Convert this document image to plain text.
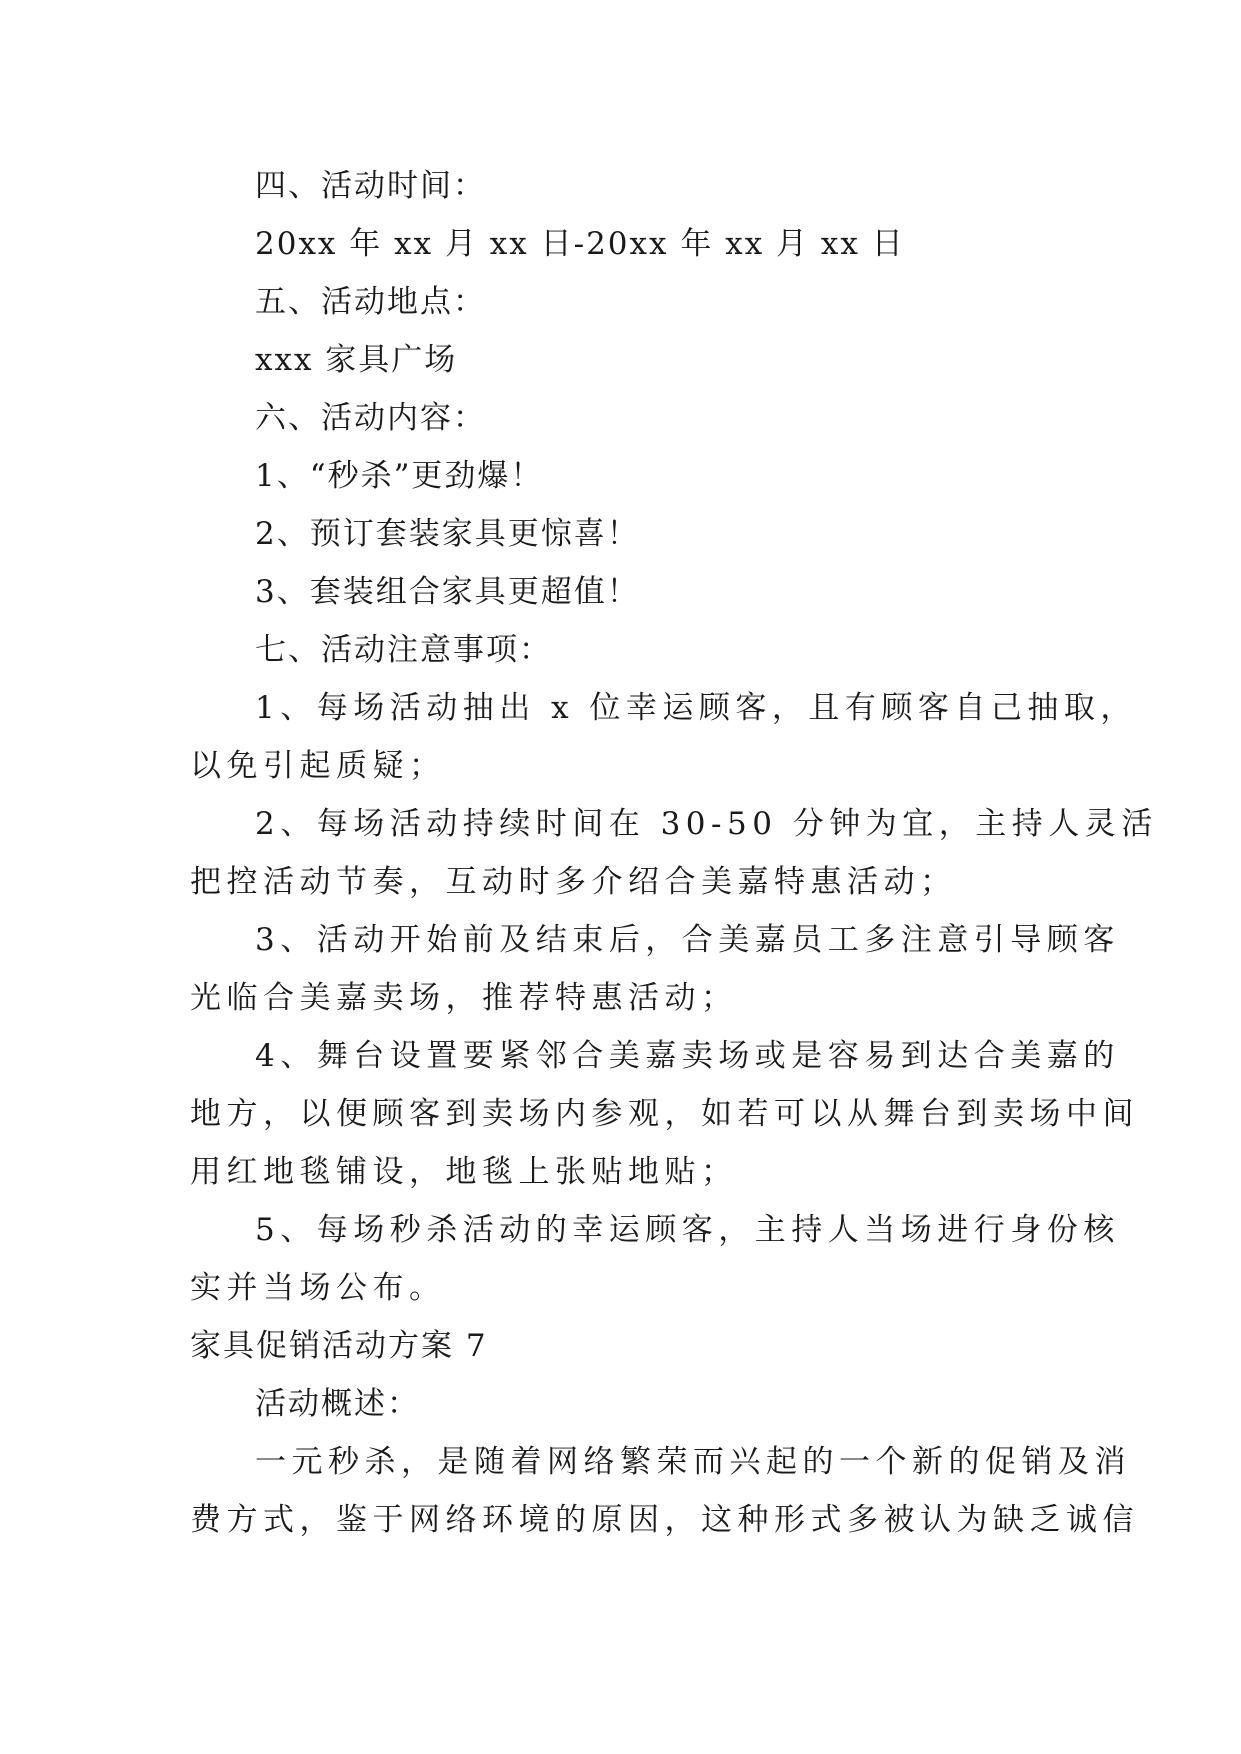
四、活动时间：
20xx 年 xx 月 xx 日-20xx 年 xx 月 xx 日
五、活动地点：
xxx 家具广场
六、活动内容：
1、“秒杀”更劲爆！
2、预订套装家具更惊喜！
3、套装组合家具更超值！
七、活动注意事项：
1、每场活动抽出 x 位幸运顾客，且有顾客自己抽取，
以免引起质疑；
2、每场活动持续时间在 30-50 分钟为宜，主持人灵活
把控活动节奏，互动时多介绍合美嘉特惠活动；
3、活动开始前及结束后，合美嘉员工多注意引导顾客
光临合美嘉卖场，推荐特惠活动；
4、舞台设置要紧邻合美嘉卖场或是容易到达合美嘉的
地方，以便顾客到卖场内参观，如若可以从舞台到卖场中间
用红地毯铺设，地毯上张贴地贴；
5、每场秒杀活动的幸运顾客，主持人当场进行身份核
实并当场公布。
家具促销活动方案 7
活动概述：
一元秒杀，是随着网络繁荣而兴起的一个新的促销及消
费方式，鉴于网络环境的原因，这种形式多被认为缺乏诚信
